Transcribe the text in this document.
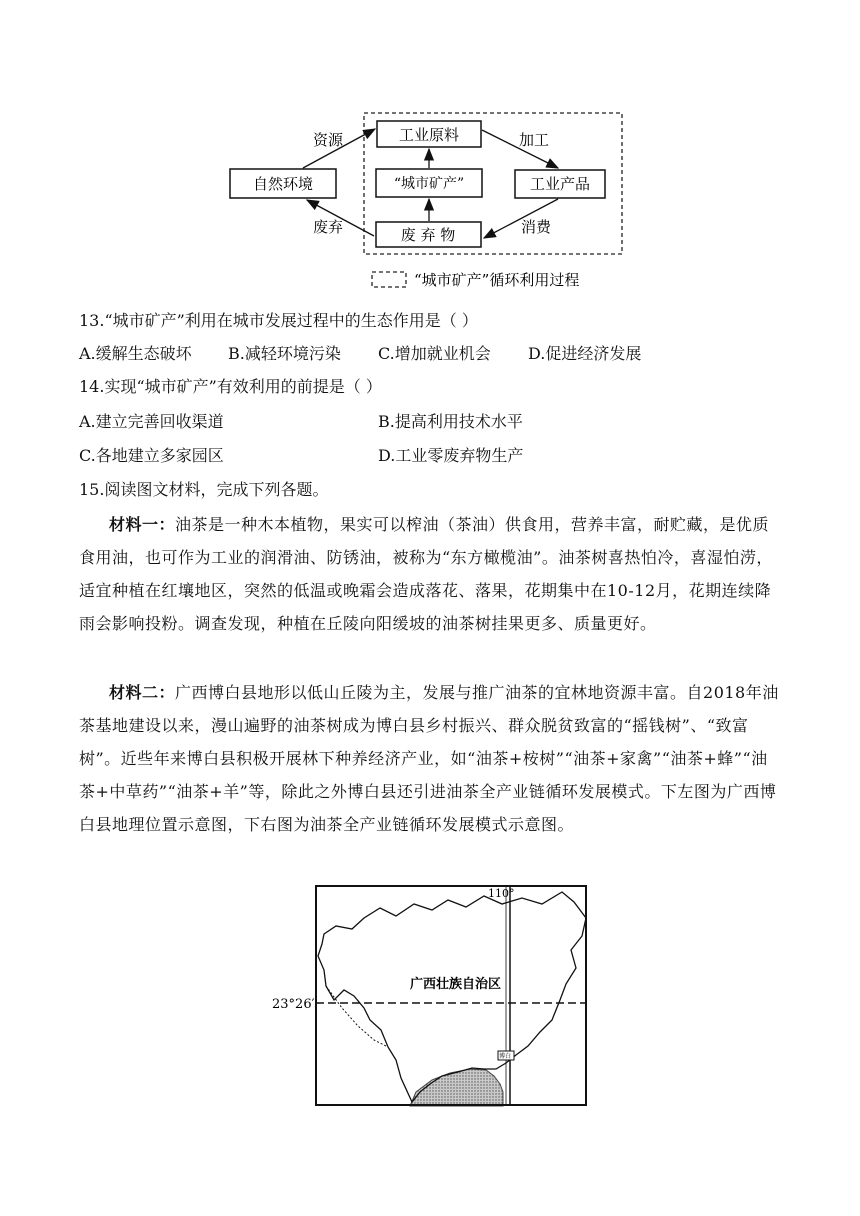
自然环境
工业原料
“城市矿产”	工业产品
废 弃 物
资源	加工
废弃	消费
“城市矿产”循环利用过程
13.“城市矿产”利用在城市发展过程中的生态作用是（ ）
A.缓解生态破坏 B.减轻环境污染 C.增加就业机会 D.促进经济发展
14.实现“城市矿产”有效利用的前提是（ ）
A.建立完善回收渠道	B.提高利用技术水平
C.各地建立多家园区	D.工业零废弃物生产
15.阅读图文材料，完成下列各题。
材料一：油茶是一种木本植物，果实可以榨油（茶油）供食用，营养丰富，耐贮藏，是优质食用油，也可作为工业的润滑油、防锈油，被称为“东方橄榄油”。油茶树喜热怕冷，喜湿怕涝，适宜种植在红壤地区，突然的低温或晚霜会造成落花、落果，花期集中在10-12月，花期连续降雨会影响投粉。调查发现，种植在丘陵向阳缓坡的油茶树挂果更多、质量更好。
材料二：广西博白县地形以低山丘陵为主，发展与推广油茶的宜林地资源丰富。自2018年油茶基地建设以来，漫山遍野的油茶树成为博白县乡村振兴、群众脱贫致富的“摇钱树”、“致富树”。近些年来博白县积极开展林下种养经济产业，如“油茶+桉树”“油茶+家禽”“油茶+蜂”“油茶+中草药”“油茶+羊”等，除此之外博白县还引进油茶全产业链循环发展模式。下左图为广西博白县地理位置示意图，下右图为油茶全产业链循环发展模式示意图。
23°26′
110°
广西壮族自治区
博白
